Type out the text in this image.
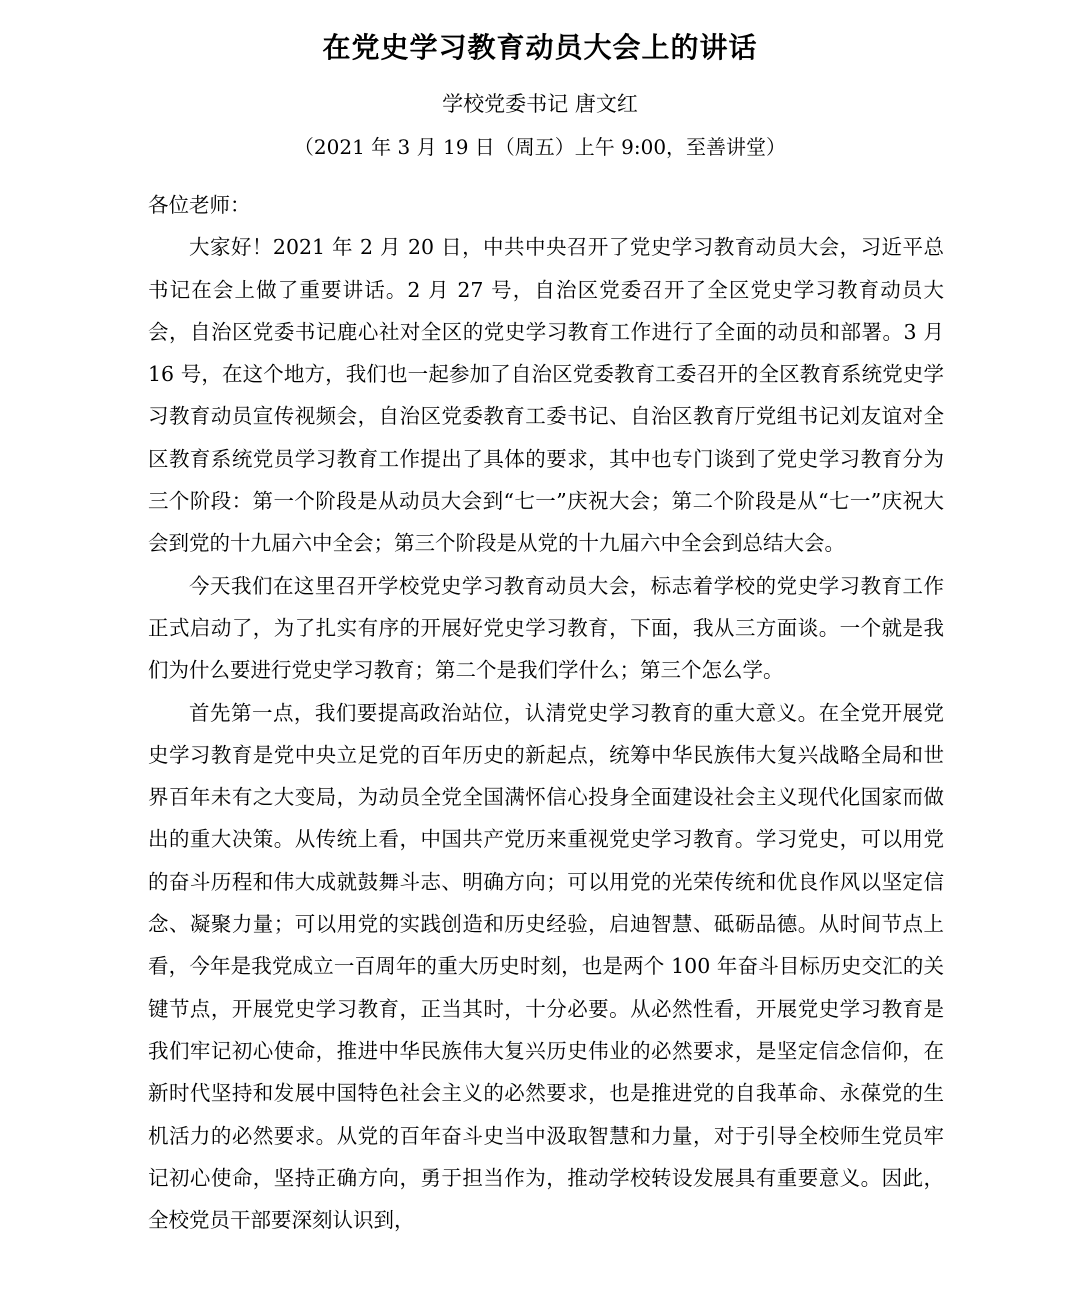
在党史学习教育动员大会上的讲话
学校党委书记 唐文红
（2021 年 3 月 19 日（周五）上午 9:00，至善讲堂）

各位老师：

大家好！2021 年 2 月 20 日，中共中央召开了党史学习教育动员大会，习近平总书记在会上做了重要讲话。2 月 27 号，自治区党委召开了全区党史学习教育动员大会，自治区党委书记鹿心社对全区的党史学习教育工作进行了全面的动员和部署。3 月 16 号，在这个地方，我们也一起参加了自治区党委教育工委召开的全区教育系统党史学习教育动员宣传视频会，自治区党委教育工委书记、自治区教育厅党组书记刘友谊对全区教育系统党员学习教育工作提出了具体的要求，其中也专门谈到了党史学习教育分为三个阶段：第一个阶段是从动员大会到“七一”庆祝大会；第二个阶段是从“七一”庆祝大会到党的十九届六中全会；第三个阶段是从党的十九届六中全会到总结大会。

今天我们在这里召开学校党史学习教育动员大会，标志着学校的党史学习教育工作正式启动了，为了扎实有序的开展好党史学习教育，下面，我从三方面谈。一个就是我们为什么要进行党史学习教育；第二个是我们学什么；第三个怎么学。

首先第一点，我们要提高政治站位，认清党史学习教育的重大意义。在全党开展党史学习教育是党中央立足党的百年历史的新起点，统筹中华民族伟大复兴战略全局和世界百年未有之大变局，为动员全党全国满怀信心投身全面建设社会主义现代化国家而做出的重大决策。从传统上看，中国共产党历来重视党史学习教育。学习党史，可以用党的奋斗历程和伟大成就鼓舞斗志、明确方向；可以用党的光荣传统和优良作风以坚定信念、凝聚力量；可以用党的实践创造和历史经验，启迪智慧、砥砺品德。从时间节点上看，今年是我党成立一百周年的重大历史时刻，也是两个 100 年奋斗目标历史交汇的关键节点，开展党史学习教育，正当其时，十分必要。从必然性看，开展党史学习教育是我们牢记初心使命，推进中华民族伟大复兴历史伟业的必然要求，是坚定信念信仰，在新时代坚持和发展中国特色社会主义的必然要求，也是推进党的自我革命、永葆党的生机活力的必然要求。从党的百年奋斗史当中汲取智慧和力量，对于引导全校师生党员牢记初心使命，坚持正确方向，勇于担当作为，推动学校转设发展具有重要意义。因此，全校党员干部要深刻认识到，
